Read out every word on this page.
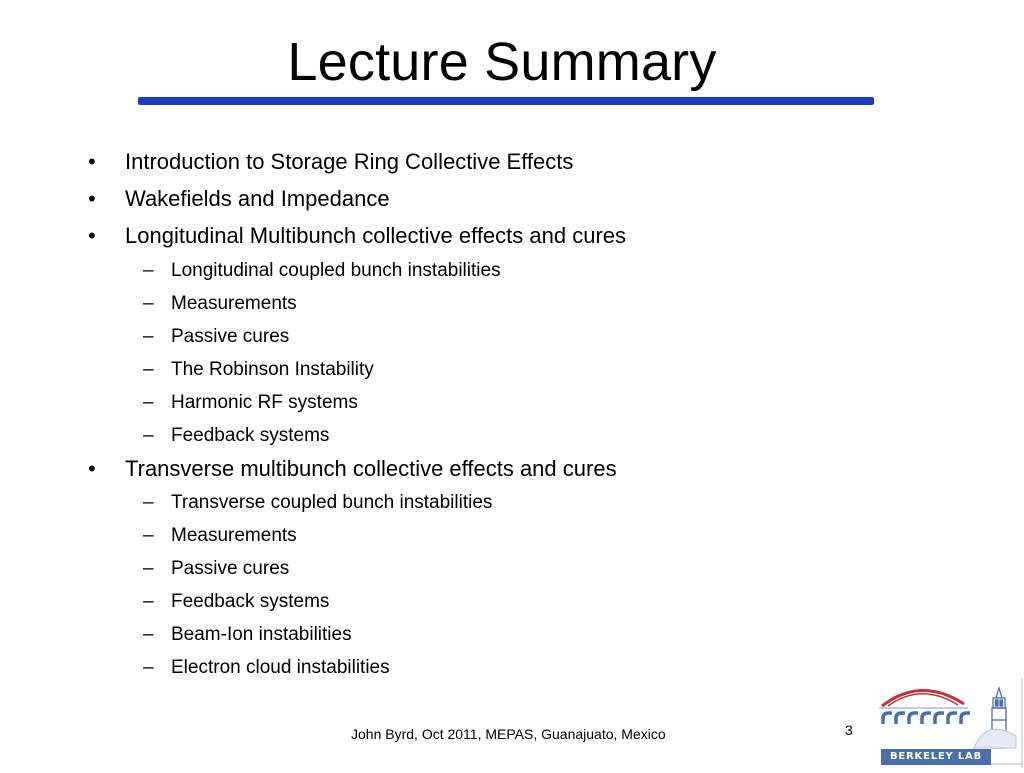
Lecture Summary
• Introduction to Storage Ring Collective Effects
• Wakefields and Impedance
• Longitudinal Multibunch collective effects and cures
– Longitudinal coupled bunch instabilities
– Measurements
– Passive cures
– The Robinson Instability
– Harmonic RF systems
– Feedback systems
• Transverse multibunch collective effects and cures
– Transverse coupled bunch instabilities
– Measurements
– Passive cures
– Feedback systems
– Beam-Ion instabilities
– Electron cloud instabilities
John Byrd, Oct 2011, MEPAS, Guanajuato, Mexico	3
BERKELEY LAB
